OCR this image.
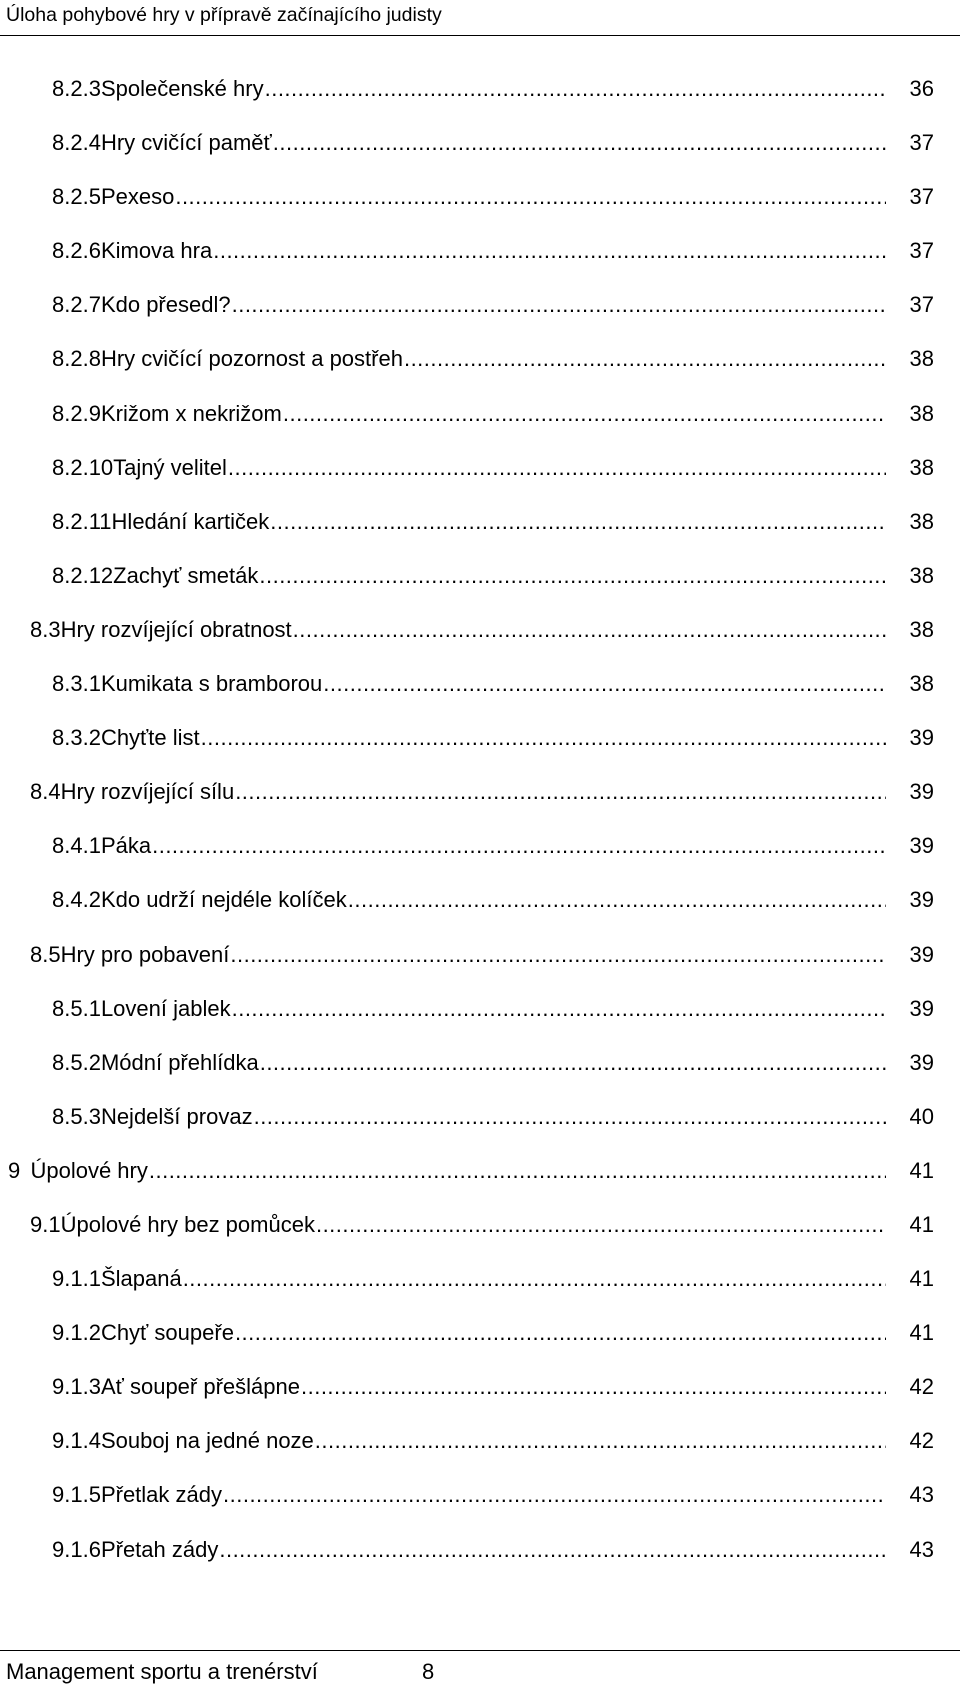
Úloha pohybové hry v přípravě začínajícího judisty
8.2.3 Společenské hry .....	36
8.2.4 Hry cvičící paměť .....	37
8.2.5 Pexeso .....	37
8.2.6 Kimova hra .....	37
8.2.7 Kdo přesedl? .....	37
8.2.8 Hry cvičící pozornost a postřeh .....	38
8.2.9 Križom x nekrižom .....	38
8.2.10 Tajný velitel .....	38
8.2.11 Hledání kartiček .....	38
8.2.12 Zachyť smeták .....	38
8.3 Hry rozvíjející obratnost .....	38
8.3.1 Kumikata s bramborou .....	38
8.3.2 Chyťte list .....	39
8.4 Hry rozvíjející sílu .....	39
8.4.1 Páka .....	39
8.4.2 Kdo udrží nejdéle kolíček .....	39
8.5 Hry pro pobavení .....	39
8.5.1 Lovení jablek .....	39
8.5.2 Módní přehlídka .....	39
8.5.3 Nejdelší provaz .....	40
9 Úpolové hry .....	41
9.1 Úpolové hry bez pomůcek .....	41
9.1.1 Šlapaná .....	41
9.1.2 Chyť soupeře .....	41
9.1.3 Ať soupeř přešlápne .....	42
9.1.4 Souboj na jedné noze .....	42
9.1.5 Přetlak zády .....	43
9.1.6 Přetah zády .....	43
Management sportu a trenérství	8
